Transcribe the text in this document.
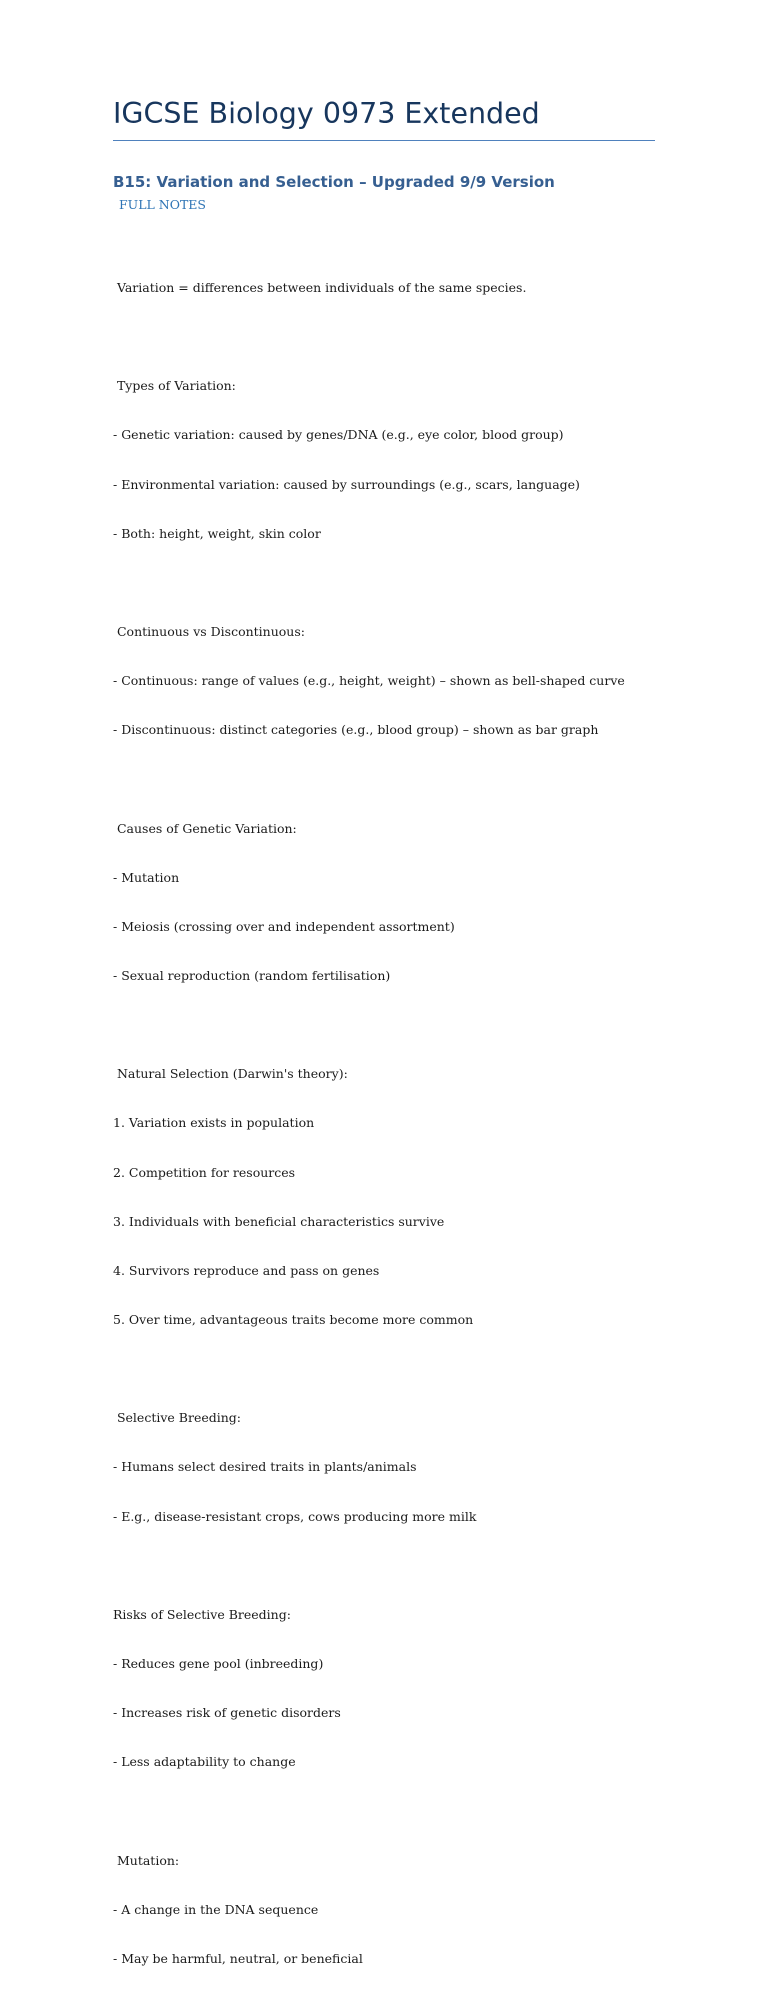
IGCSE Biology 0973 Extended
B15: Variation and Selection – Upgraded 9/9 Version
FULL NOTES

Variation = differences between individuals of the same species.

Types of Variation:

- Genetic variation: caused by genes/DNA (e.g., eye color, blood group)

- Environmental variation: caused by surroundings (e.g., scars, language)

- Both: height, weight, skin color

Continuous vs Discontinuous:

- Continuous: range of values (e.g., height, weight) – shown as bell-shaped curve

- Discontinuous: distinct categories (e.g., blood group) – shown as bar graph

Causes of Genetic Variation:

- Mutation

- Meiosis (crossing over and independent assortment)

- Sexual reproduction (random fertilisation)

Natural Selection (Darwin's theory):

1. Variation exists in population

2. Competition for resources

3. Individuals with beneficial characteristics survive

4. Survivors reproduce and pass on genes

5. Over time, advantageous traits become more common

Selective Breeding:

- Humans select desired traits in plants/animals

- E.g., disease-resistant crops, cows producing more milk

Risks of Selective Breeding:

- Reduces gene pool (inbreeding)

- Increases risk of genetic disorders

- Less adaptability to change

Mutation:

- A change in the DNA sequence

- May be harmful, neutral, or beneficial
